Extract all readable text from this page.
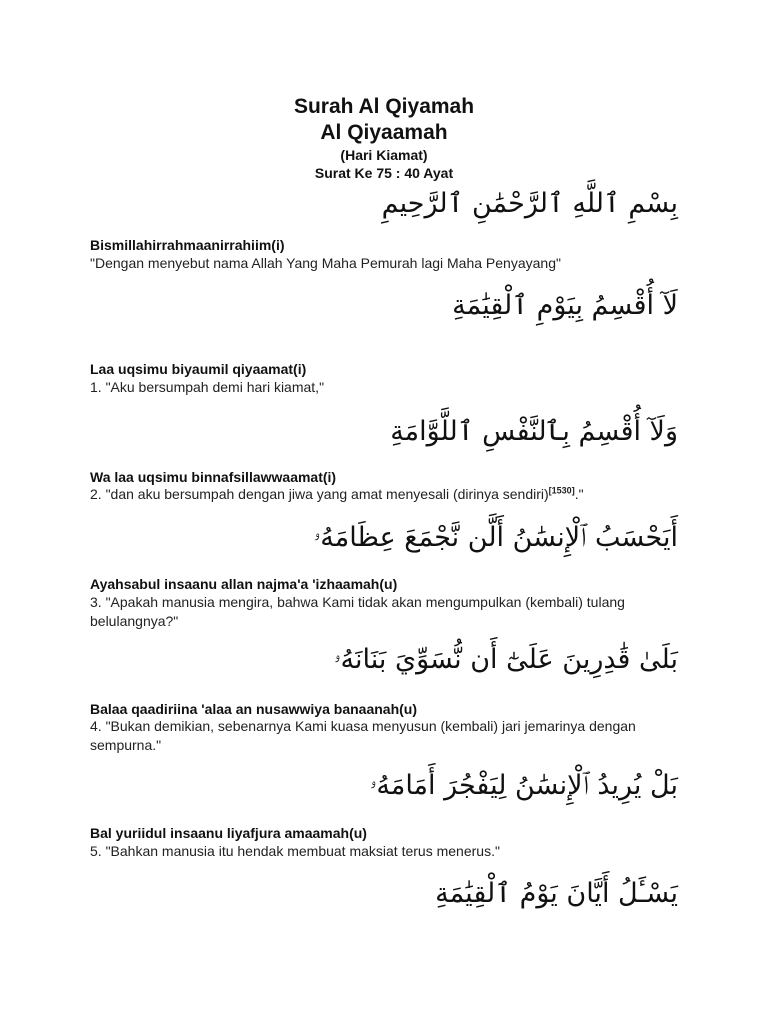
Surah Al Qiyamah
Al Qiyaamah
(Hari Kiamat)
Surat Ke 75 : 40 Ayat
بِسْمِ ٱللَّهِ ٱلرَّحْمَٰنِ ٱلرَّحِيمِ
Bismillahirrahmaanirrahiim(i)
"Dengan menyebut nama Allah Yang Maha Pemurah lagi Maha Penyayang"
لَآ أُقْسِمُ بِيَوْمِ ٱلْقِيَٰمَةِ
Laa uqsimu biyaumil qiyaamat(i)
1. "Aku bersumpah demi hari kiamat,"
وَلَآ أُقْسِمُ بِٱلنَّفْسِ ٱللَّوَّامَةِ
Wa laa uqsimu binnafsillawwaamat(i)
2. "dan aku bersumpah dengan jiwa yang amat menyesali (dirinya sendiri)[1530]."
أَيَحْسَبُ ٱلْإِنسَٰنُ أَلَّن نَّجْمَعَ عِظَامَهُۥ
Ayahsabul insaanu allan najma'a 'izhaamah(u)
3. "Apakah manusia mengira, bahwa Kami tidak akan mengumpulkan (kembali) tulang belulangnya?"
بَلَىٰ قَٰدِرِينَ عَلَىٰٓ أَن نُّسَوِّيَ بَنَانَهُۥ
Balaa qaadiriina 'alaa an nusawwiya banaanah(u)
4. "Bukan demikian, sebenarnya Kami kuasa menyusun (kembali) jari jemarinya dengan sempurna."
بَلْ يُرِيدُ ٱلْإِنسَٰنُ لِيَفْجُرَ أَمَامَهُۥ
Bal yuriidul insaanu liyafjura amaamah(u)
5. "Bahkan manusia itu hendak membuat maksiat terus menerus."
يَسْـَٔلُ أَيَّانَ يَوْمُ ٱلْقِيَٰمَةِ
